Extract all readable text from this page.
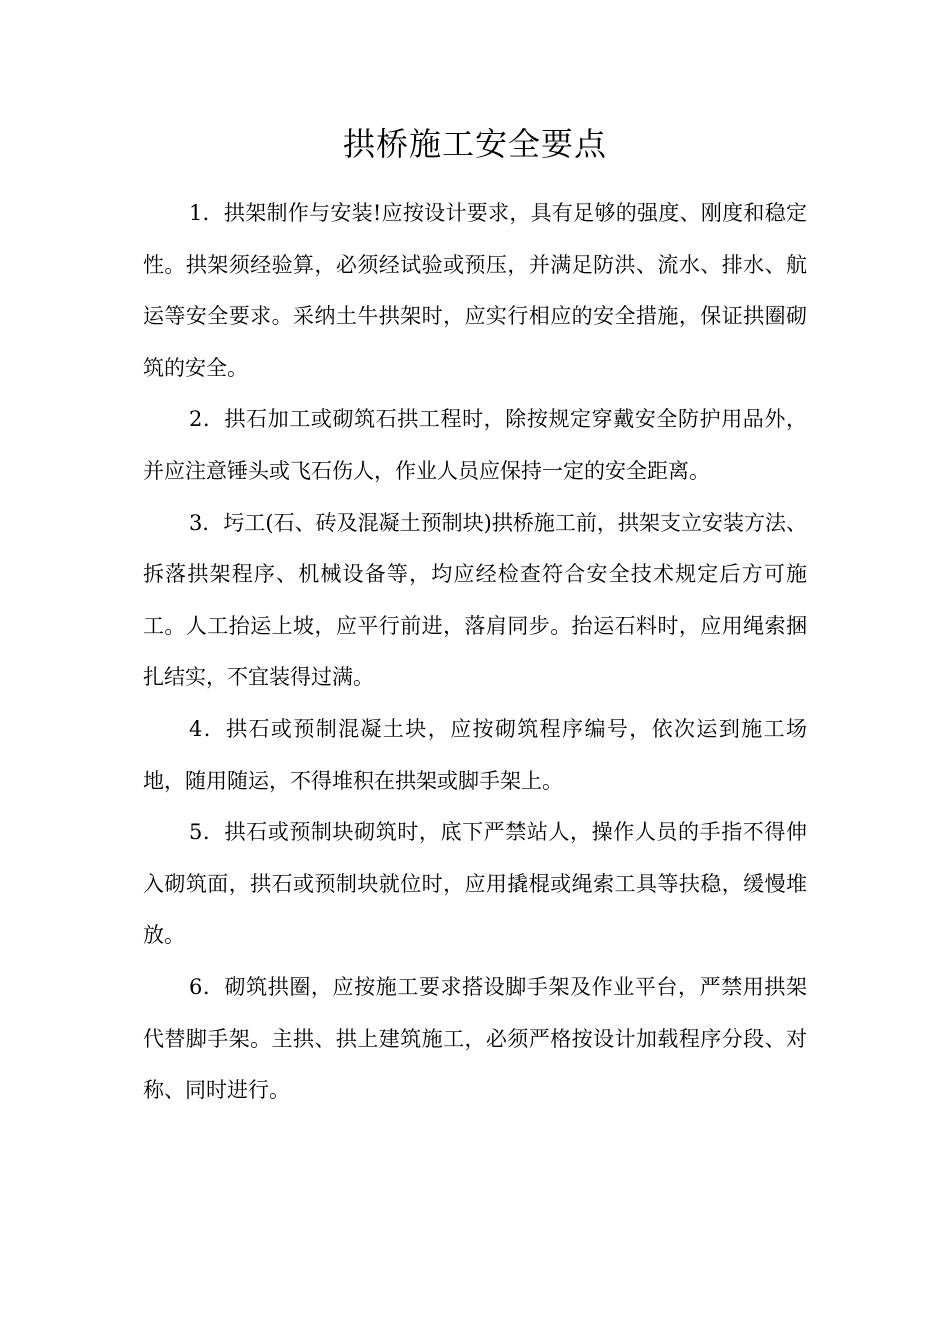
拱桥施工安全要点

1．拱架制作与安装!应按设计要求，具有足够的强度、刚度和稳定性。拱架须经验算，必须经试验或预压，并满足防洪、流水、排水、航运等安全要求。采纳土牛拱架时，应实行相应的安全措施，保证拱圈砌筑的安全。

2．拱石加工或砌筑石拱工程时，除按规定穿戴安全防护用品外，并应注意锤头或飞石伤人，作业人员应保持一定的安全距离。

3．圬工(石、砖及混凝土预制块)拱桥施工前，拱架支立安装方法、拆落拱架程序、机械设备等，均应经检查符合安全技术规定后方可施工。人工抬运上坡，应平行前进，落肩同步。抬运石料时，应用绳索捆扎结实，不宜装得过满。

4．拱石或预制混凝土块，应按砌筑程序编号，依次运到施工场地，随用随运，不得堆积在拱架或脚手架上。

5．拱石或预制块砌筑时，底下严禁站人，操作人员的手指不得伸入砌筑面，拱石或预制块就位时，应用撬棍或绳索工具等扶稳，缓慢堆放。

6．砌筑拱圈，应按施工要求搭设脚手架及作业平台，严禁用拱架代替脚手架。主拱、拱上建筑施工，必须严格按设计加载程序分段、对称、同时进行。
